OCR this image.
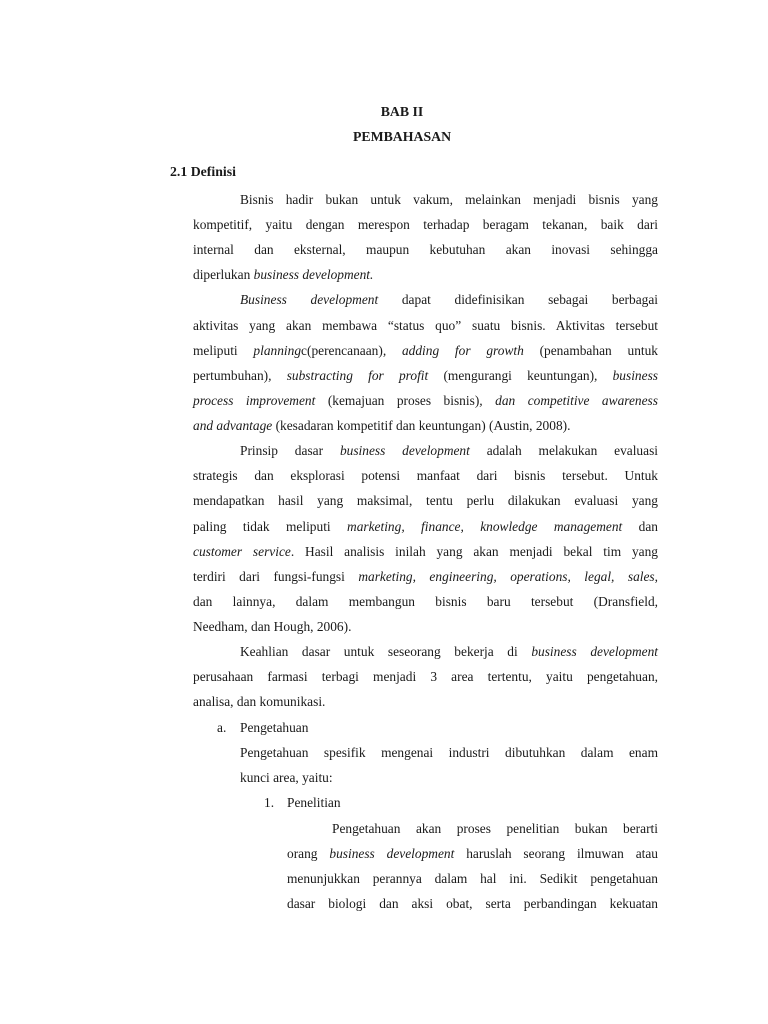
BAB II
PEMBAHASAN
2.1 Definisi
Bisnis hadir bukan untuk vakum, melainkan menjadi bisnis yang
kompetitif, yaitu dengan merespon terhadap beragam tekanan, baik dari
internal dan eksternal, maupun kebutuhan akan inovasi sehingga
diperlukan business development.
Business development dapat didefinisikan sebagai berbagai
aktivitas yang akan membawa “status quo” suatu bisnis. Aktivitas tersebut
meliputi planningc(perencanaan), adding for growth (penambahan untuk
pertumbuhan), substracting for profit (mengurangi keuntungan), business
process improvement (kemajuan proses bisnis), dan competitive awareness
and advantage (kesadaran kompetitif dan keuntungan) (Austin, 2008).
Prinsip dasar business development adalah melakukan evaluasi
strategis dan eksplorasi potensi manfaat dari bisnis tersebut. Untuk
mendapatkan hasil yang maksimal, tentu perlu dilakukan evaluasi yang
paling tidak meliputi marketing, finance, knowledge management dan
customer service. Hasil analisis inilah yang akan menjadi bekal tim yang
terdiri dari fungsi-fungsi marketing, engineering, operations, legal, sales,
dan lainnya, dalam membangun bisnis baru tersebut (Dransfield,
Needham, dan Hough, 2006).
Keahlian dasar untuk seseorang bekerja di business development
perusahaan farmasi terbagi menjadi 3 area tertentu, yaitu pengetahuan,
analisa, dan komunikasi.
a. Pengetahuan
Pengetahuan spesifik mengenai industri dibutuhkan dalam enam
kunci area, yaitu:
1. Penelitian
Pengetahuan akan proses penelitian bukan berarti
orang business development haruslah seorang ilmuwan atau
menunjukkan perannya dalam hal ini. Sedikit pengetahuan
dasar biologi dan aksi obat, serta perbandingan kekuatan
